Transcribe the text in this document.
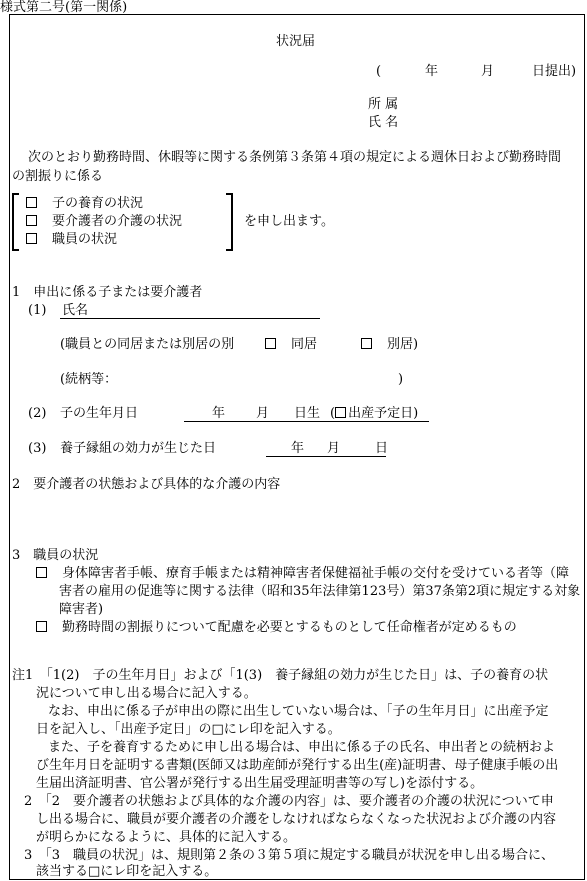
様式第二号(第一関係)
状況届
(	年	月	日提出)
所 属
氏 名
次のとおり勤務時間、休暇等に関する条例第３条第４項の規定による週休日および勤務時間
の割振りに係る
　子の養育の状況
　要介護者の介護の状況
　職員の状況
を申し出ます。
1　申出に係る子または要介護者
(1) 氏名
(職員との同居または別居の別
　	同居
　	別居)
(続柄等：	)
(2) 子の生年月日	年 月 日生 ( 出産予定日)
(3) 養子縁組の効力が生じた日	年 月	日
2　要介護者の状態および具体的な介護の内容
3　職員の状況
　身体障害者手帳、療育手帳または精神障害者保健福祉手帳の交付を受けている者等（障
害者の雇用の促進等に関する法律（昭和35年法律第123号）第37条第2項に規定する対象
障害者)
　勤務時間の割振りについて配慮を必要とするものとして任命権者が定めるもの
注1　「1(2)　子の生年月日」および「1(3)　養子縁組の効力が生じた日」は、子の養育の状
況について申し出る場合に記入する。
なお、申出に係る子が申出の際に出生していない場合は、「子の生年月日」に出産予定
日を記入し、「出産予定日」の□にレ印を記入する。
また、子を養育するために申し出る場合は、申出に係る子の氏名、申出者との続柄およ
び生年月日を証明する書類(医師又は助産師が発行する出生(産)証明書、母子健康手帳の出
生届出済証明書、官公署が発行する出生届受理証明書等の写し)を添付する。
2　「2　要介護者の状態および具体的な介護の内容」は、要介護者の介護の状況について申
し出る場合に、職員が要介護者の介護をしなければならなくなった状況および介護の内容
が明らかになるように、具体的に記入する。
3　「3　職員の状況」は、規則第２条の３第５項に規定する職員が状況を申し出る場合に、
該当する□にレ印を記入する。
